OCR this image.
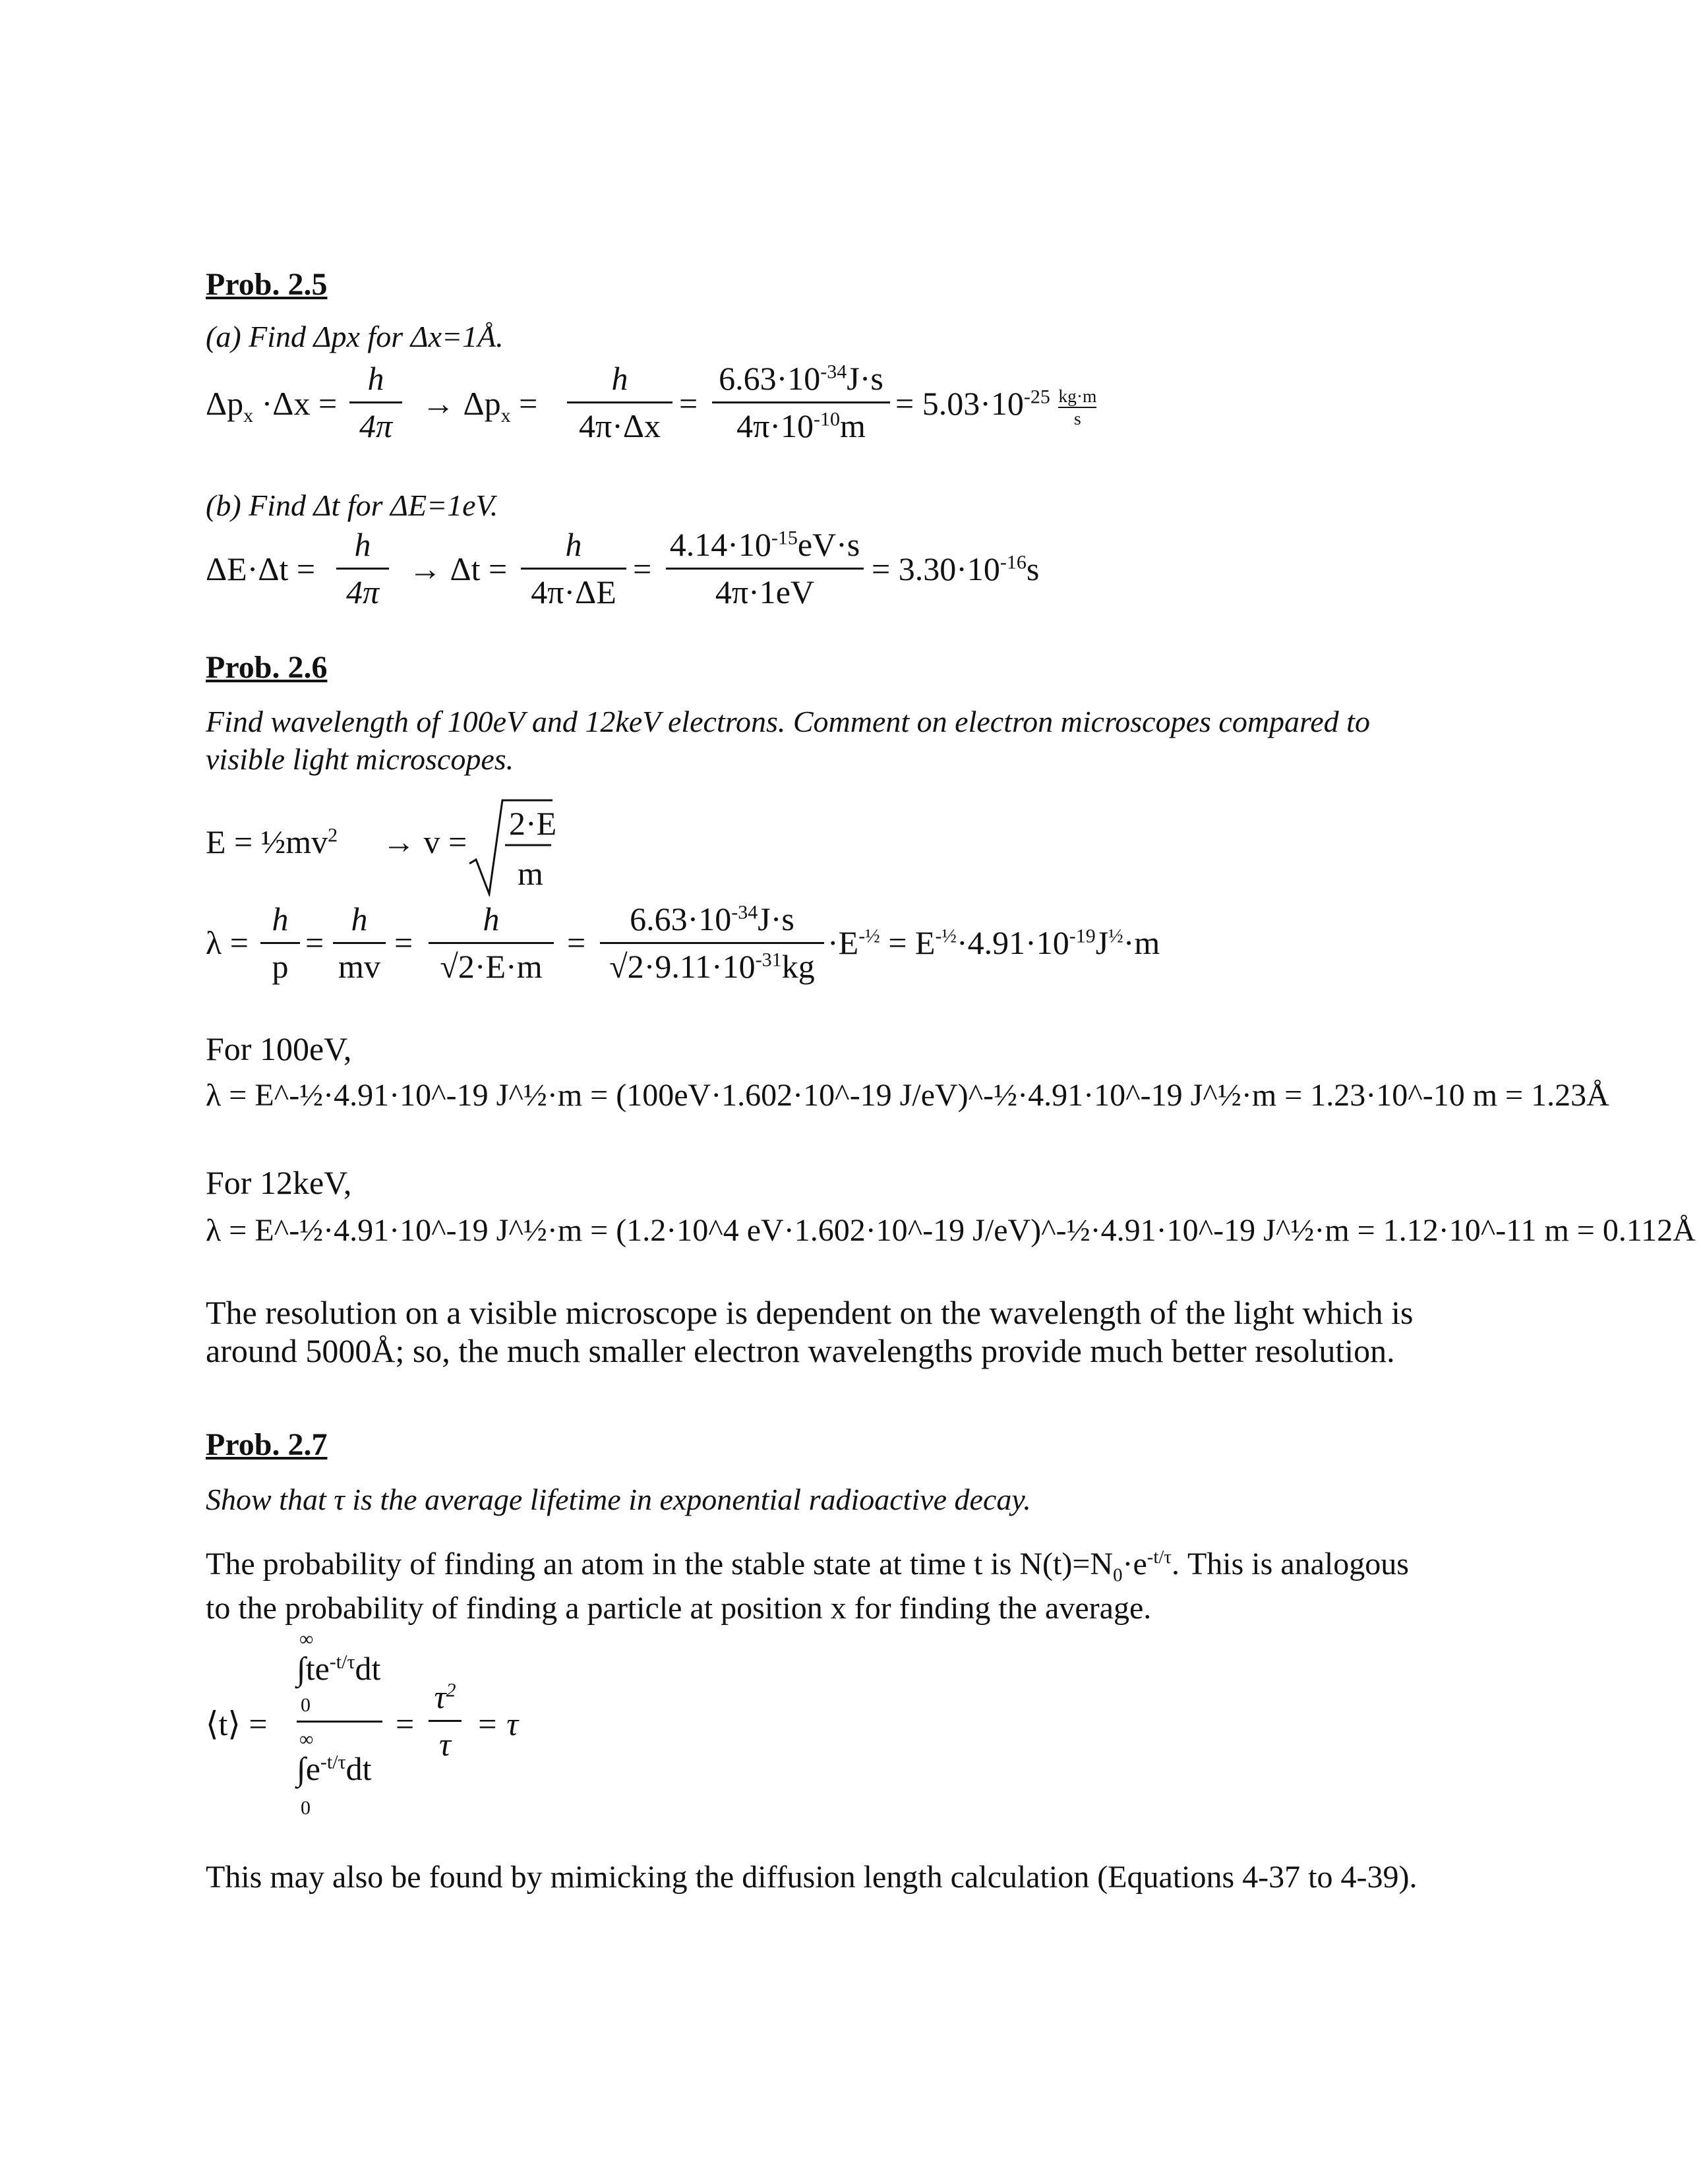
Prob. 2.5
(a) Find Δpx for Δx=1Å.
$\Delta p_x \cdot\Delta x$ =
h
4π
→ $\Delta p_x$ =
h
4π·Δx
=
$6.63\cdot 10^{-34}J\cdot s$
$4\pi\cdot 10^{-10}m$
= $5.03\cdot 10^{-25} \frac{kg\cdot m}{s}$
(b) Find Δt for ΔE=1eV.
ΔE·Δt =
h
4π
→ Δt =
h
4π·ΔE
=
$4.14\cdot 10^{-15}eV\cdot s$
4π·1eV
= $3.30\cdot 10^{-16}s$
Prob. 2.6
Find wavelength of 100eV and 12keV electrons. Comment on electron microscopes compared to
visible light microscopes.
$E = \frac{1}{2}mv^2 \to v = 2\cdot E$
m
λ =
h
p
=
h
mv
=
h
√2·E·m
=
$6.63\cdot 10^{-34}J\cdot s$
$√2\cdot 9.11\cdot 10^{-31}kg$
$\cdot E^{-\frac{1}{2}} = E^{-\frac{1}{2}}\cdot 4.91\cdot 10^{-19}J^{\frac{1}{2}}\cdot m$
For 100eV,
λ = E^-½·4.91·10^-19 J^½·m = (100eV·1.602·10^-19 J/eV)^-½·4.91·10^-19 J^½·m = 1.23·10^-10 m = 1.23Å
For 12keV,
λ = E^-½·4.91·10^-19 J^½·m = (1.2·10^4 eV·1.602·10^-19 J/eV)^-½·4.91·10^-19 J^½·m = 1.12·10^-11 m = 0.112Å
The resolution on a visible microscope is dependent on the wavelength of the light which is
around 5000Å; so, the much smaller electron wavelengths provide much better resolution.
Prob. 2.7
Show that τ is the average lifetime in exponential radioactive decay.
The probability of finding an atom in the stable state at time t is $N(t)=N_0\cdot e^{-t/\tau}$. This is analogous
to the probability of finding a particle at position x for finding the average.
⟨t⟩ =
∞
$\int te^{-t/\tau}dt$
0
∞
$\int e^{-t/\tau}dt$
0
=
$\tau^2$
τ
= τ
This may also be found by mimicking the diffusion length calculation (Equations 4-37 to 4-39).
